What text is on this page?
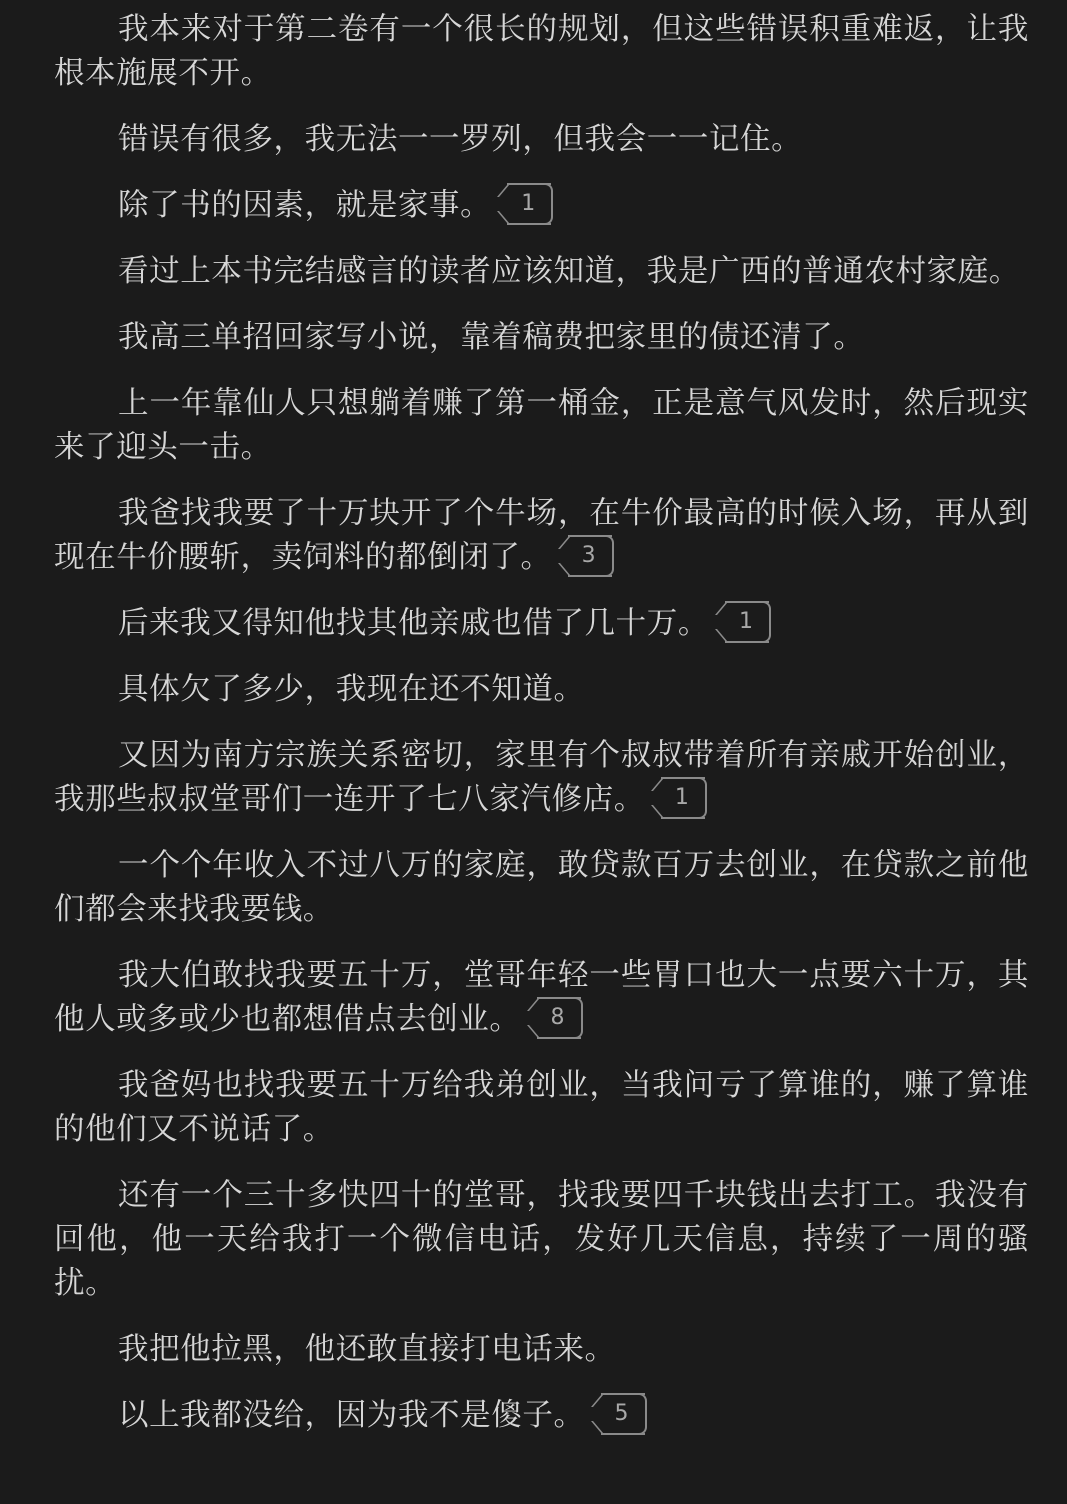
我本来对于第二卷有一个很长的规划，但这些错误积重难返，让我根本施展不开。

错误有很多，我无法一一罗列，但我会一一记住。

除了书的因素，就是家事。	1

看过上本书完结感言的读者应该知道，我是广西的普通农村家庭。

我高三单招回家写小说，靠着稿费把家里的债还清了。

上一年靠仙人只想躺着赚了第一桶金，正是意气风发时，然后现实来了迎头一击。

我爸找我要了十万块开了个牛场，在牛价最高的时候入场，再从到现在牛价腰斩，卖饲料的都倒闭了。	3

后来我又得知他找其他亲戚也借了几十万。	1

具体欠了多少，我现在还不知道。

又因为南方宗族关系密切，家里有个叔叔带着所有亲戚开始创业，我那些叔叔堂哥们一连开了七八家汽修店。	1

一个个年收入不过八万的家庭，敢贷款百万去创业，在贷款之前他们都会来找我要钱。

我大伯敢找我要五十万，堂哥年轻一些胃口也大一点要六十万，其他人或多或少也都想借点去创业。	8

我爸妈也找我要五十万给我弟创业，当我问亏了算谁的，赚了算谁的他们又不说话了。

还有一个三十多快四十的堂哥，找我要四千块钱出去打工。我没有回他，他一天给我打一个微信电话，发好几天信息，持续了一周的骚扰。

我把他拉黑，他还敢直接打电话来。

以上我都没给，因为我不是傻子。	5
